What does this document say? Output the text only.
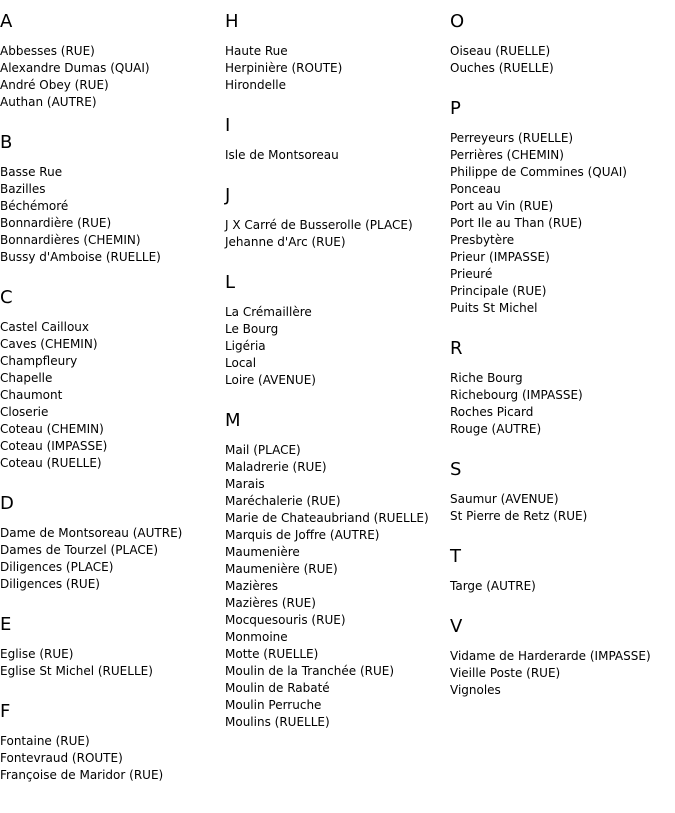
A
Abbesses (RUE)
Alexandre Dumas (QUAI)
André Obey (RUE)
Authan (AUTRE)
B
Basse Rue
Bazilles
Béchémoré
Bonnardière (RUE)
Bonnardières (CHEMIN)
Bussy d'Amboise (RUELLE)
C
Castel Cailloux
Caves (CHEMIN)
Champfleury
Chapelle
Chaumont
Closerie
Coteau (CHEMIN)
Coteau (IMPASSE)
Coteau (RUELLE)
D
Dame de Montsoreau (AUTRE)
Dames de Tourzel (PLACE)
Diligences (PLACE)
Diligences (RUE)
E
Eglise (RUE)
Eglise St Michel (RUELLE)
F
Fontaine (RUE)
Fontevraud (ROUTE)
Françoise de Maridor (RUE)
H
Haute Rue
Herpinière (ROUTE)
Hirondelle
I
Isle de Montsoreau
J
J X Carré de Busserolle (PLACE)
Jehanne d'Arc (RUE)
L
La Crémaillère
Le Bourg
Ligéria
Local
Loire (AVENUE)
M
Mail (PLACE)
Maladrerie (RUE)
Marais
Maréchalerie (RUE)
Marie de Chateaubriand (RUELLE)
Marquis de Joffre (AUTRE)
Maumenière
Maumenière (RUE)
Mazières
Mazières (RUE)
Mocquesouris (RUE)
Monmoine
Motte (RUELLE)
Moulin de la Tranchée (RUE)
Moulin de Rabaté
Moulin Perruche
Moulins (RUELLE)
O
Oiseau (RUELLE)
Ouches (RUELLE)
P
Perreyeurs (RUELLE)
Perrières (CHEMIN)
Philippe de Commines (QUAI)
Ponceau
Port au Vin (RUE)
Port Ile au Than (RUE)
Presbytère
Prieur (IMPASSE)
Prieuré
Principale (RUE)
Puits St Michel
R
Riche Bourg
Richebourg (IMPASSE)
Roches Picard
Rouge (AUTRE)
S
Saumur (AVENUE)
St Pierre de Retz (RUE)
T
Targe (AUTRE)
V
Vidame de Harderarde (IMPASSE)
Vieille Poste (RUE)
Vignoles
